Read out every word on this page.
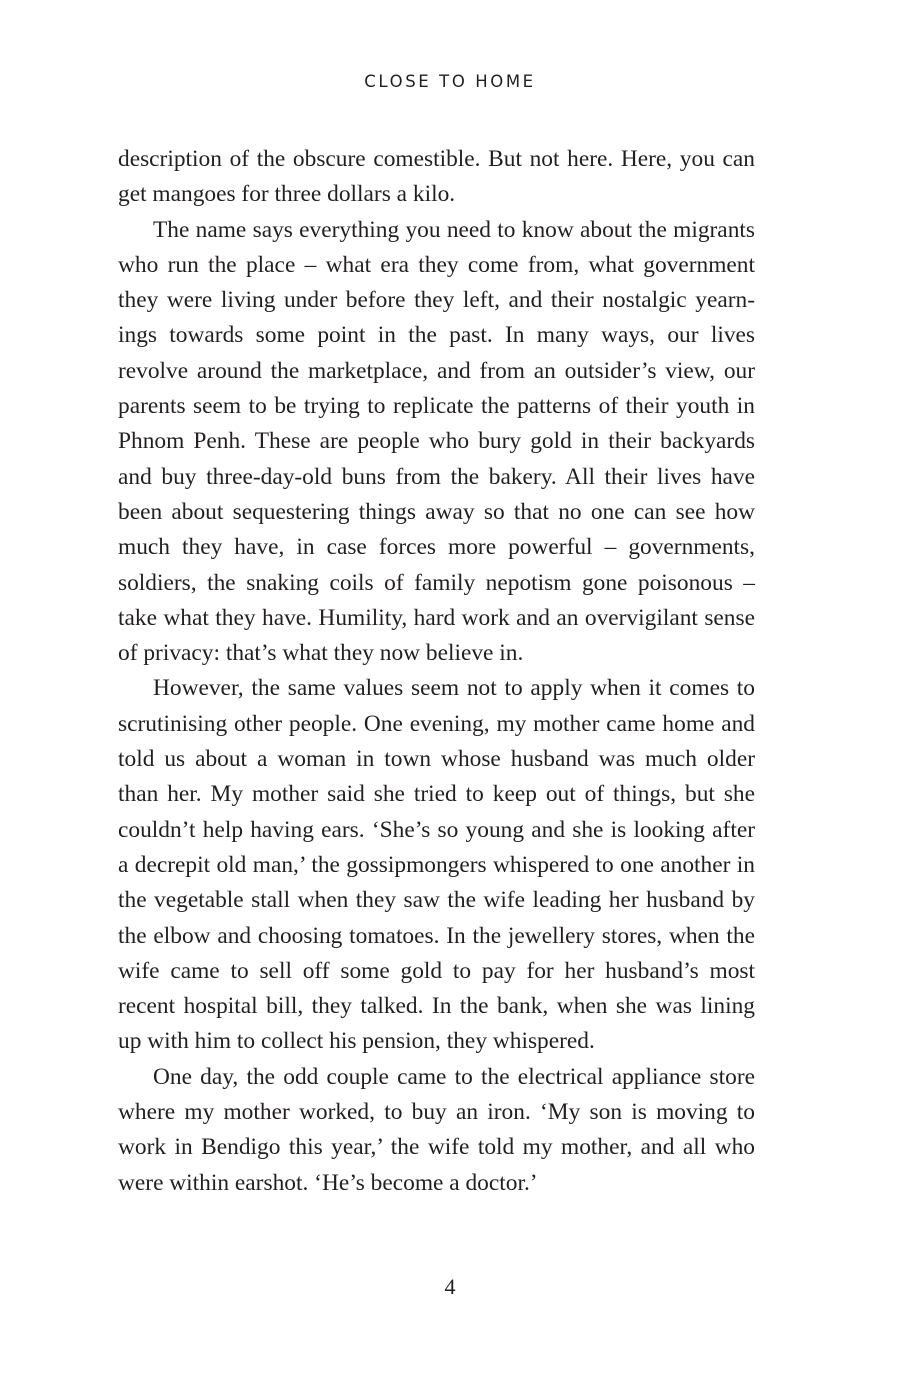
CLOSE TO HOME

description of the obscure comestible. But not here. Here, you can get mangoes for three dollars a kilo.

The name says everything you need to know about the migrants who run the place – what era they come from, what government they were living under before they left, and their nostalgic yearnings towards some point in the past. In many ways, our lives revolve around the marketplace, and from an outsider’s view, our parents seem to be trying to replicate the patterns of their youth in Phnom Penh. These are people who bury gold in their backyards and buy three-day-old buns from the bakery. All their lives have been about sequestering things away so that no one can see how much they have, in case forces more powerful – governments, soldiers, the snaking coils of family nepotism gone poisonous – take what they have. Humility, hard work and an overvigilant sense of privacy: that’s what they now believe in.

However, the same values seem not to apply when it comes to scrutinising other people. One evening, my mother came home and told us about a woman in town whose husband was much older than her. My mother said she tried to keep out of things, but she couldn’t help having ears. ‘She’s so young and she is looking after a decrepit old man,’ the gossipmongers whispered to one another in the vegetable stall when they saw the wife leading her husband by the elbow and choosing tomatoes. In the jewellery stores, when the wife came to sell off some gold to pay for her husband’s most recent hospital bill, they talked. In the bank, when she was lining up with him to collect his pension, they whispered.

One day, the odd couple came to the electrical appliance store where my mother worked, to buy an iron. ‘My son is moving to work in Bendigo this year,’ the wife told my mother, and all who were within earshot. ‘He’s become a doctor.’

4
